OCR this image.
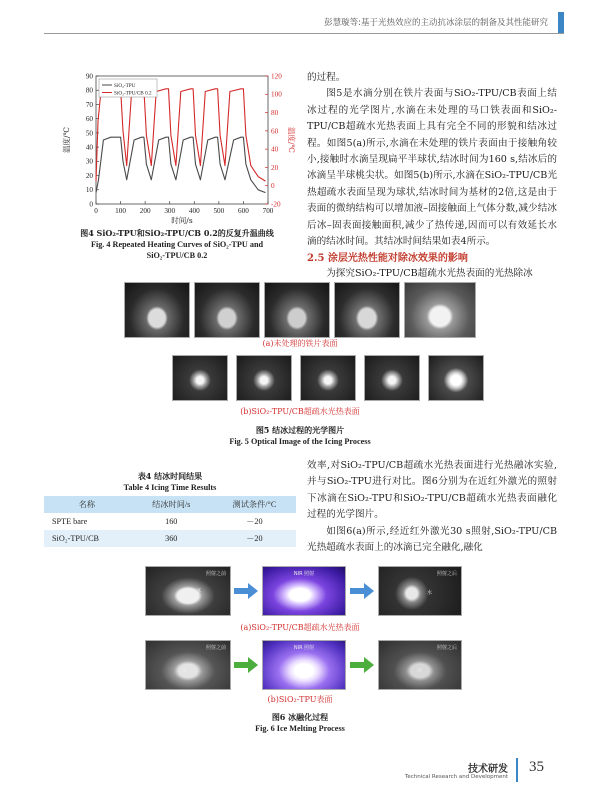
彭慧璇等:基于光热效应的主动抗冰涂层的制备及其性能研究
0 100 200 300 400 500 600 700
0
10
20
30
40
50
60
70
80
90
-20
0
20
40
60
80
100
120
时间/s
温度/℃	温度/℃
SiO₂-TPU
SiO₂-TPU/CB 0.2
图4 SiO₂-TPU和SiO₂-TPU/CB 0.2的反复升温曲线
Fig. 4 Repeated Heating Curves of SiO₂-TPU and
SiO₂-TPU/CB 0.2
的过程。
图5是水滴分别在铁片表面与SiO₂-TPU/CB表面上结冰过程的光学图片,水滴在未处理的马口铁表面和SiO₂-TPU/CB超疏水光热表面上具有完全不同的形貌和结冰过程。如图5(a)所示,水滴在未处理的铁片表面由于接触角较小,接触时水滴呈现扁平半球状,结冰时间为160 s,结冰后的冰滴呈半球桃尖状。如图5(b)所示,水滴在SiO₂-TPU/CB光热超疏水表面呈现为球状,结冰时间为基材的2倍,这是由于表面的微纳结构可以增加液–固接触面上气体分数,减少结冰后冰–固表面接触面积,减少了热传递,因而可以有效延长水滴的结冰时间。其结冰时间结果如表4所示。
2.5 涂层光热性能对除冰效果的影响
为探究SiO₂-TPU/CB超疏水光热表面的光热除冰
(a)未处理的铁片表面
(b)SiO₂-TPU/CB超疏水光热表面
图5 结冰过程的光学图片
Fig. 5 Optical Image of the Icing Process
表4 结冰时间结果
Table 4 Icing Time Results
名称	结冰时间/s	测试条件/°C
SPTE bare	160	－20
SiO₂-TPU/CB	360	－20
效率,对SiO₂-TPU/CB超疏水光热表面进行光热融冰实验,并与SiO₂-TPU进行对比。图6分别为在近红外激光的照射下冰滴在SiO₂-TPU和SiO₂-TPU/CB超疏水光热表面融化过程的光学图片。
如图6(a)所示,经近红外激光30 s照射,SiO₂-TPU/CB光热超疏水表面上的冰滴已完全融化,融化
照射之前
冰
NIR 照射	照射之后
水
(a)SiO₂-TPU/CB超疏水光热表面
照射之前
冰
NIR 照射	照射之后
冰
(b)SiO₂-TPU表面
图6 冰融化过程
Fig. 6 Ice Melting Process
技术研发
Technical Research and Development
35
